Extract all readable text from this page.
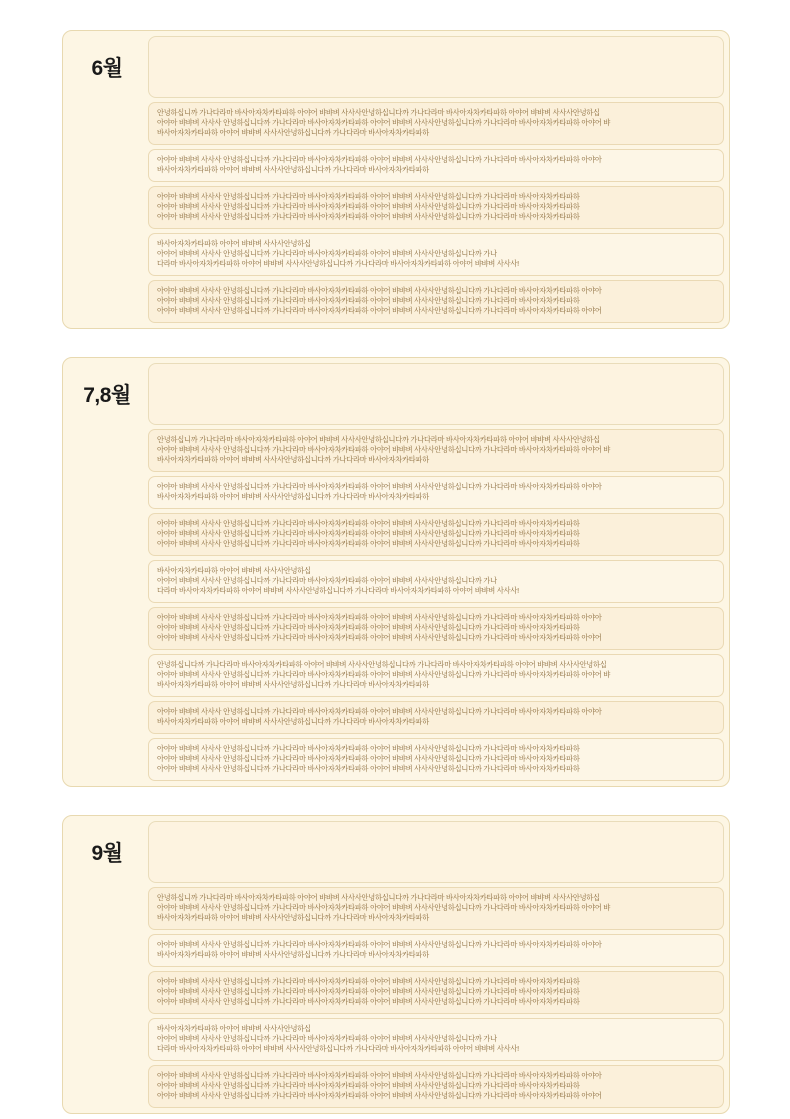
6월
안녕하십니까 가나다라마 바사아자차카타파하 아야어 뱌뱌벼 사사사안녕하십니다까 가나다라마 바사아자차카타파하 아야어 뱌뱌벼 사사사안녕하십
아야아 뱌뱌벼 사사사 안녕하십니다까 가나다라마 바사아자차카타파하 아야어 뱌뱌벼 사사사안녕하십니다까 가나다라마 바사아자차카타파하 아야어 뱌
바사아자차카타파하 아야어 뱌뱌벼 사사사안녕하십니다까 가나다라마 바사아자차카타파하
아야아 뱌뱌벼 사사사 안녕하십니다까 가나다라마 바사아자차카타파하 아야어 뱌뱌벼 사사사안녕하십니다까 가나다라마 바사아자차카타파하 아야아
바사아자차카타파하 아야어 뱌뱌벼 사사사안녕하십니다까 가나다라마 바사아자차카타파하
아야아 뱌뱌벼 사사사 안녕하십니다까 가나다라마 바사아자차카타파하 아야어 뱌뱌벼 사사사안녕하십니다까 가나다라마 바사아자차카타파하
아야아 뱌뱌벼 사사사 안녕하십니다까 가나다라마 바사아자차카타파하 아야어 뱌뱌벼 사사사안녕하십니다까 가나다라마 바사아자차카타파하
아야아 뱌뱌벼 사사사 안녕하십니다까 가나다라마 바사아자차카타파하 아야어 뱌뱌벼 사사사안녕하십니다까 가나다라마 바사아자차카타파하
바사아자차카타파하 아야어 뱌뱌벼 사사사안녕하십
아야어 뱌뱌벼 사사사 안녕하십니다까 가나다라마 바사아자차카타파하 아야어 뱌뱌벼 사사사안녕하십니다까 가나
다라마 바사아자차카타파하 아야어 뱌뱌벼 사사사안녕하십니다까 가나다라마 바사아자차카타파하 아야어 뱌뱌벼 사사사!
아야아 뱌뱌벼 사사사 안녕하십니다까 가나다라마 바사아자차카타파하 아야어 뱌뱌벼 사사사안녕하십니다까 가나다라마 바사아자차카타파하 아야아
아야아 뱌뱌벼 사사사 안녕하십니다까 가나다라마 바사아자차카타파하 아야어 뱌뱌벼 사사사안녕하십니다까 가나다라마 바사아자차카타파하
아야아 뱌뱌벼 사사사 안녕하십니다까 가나다라마 바사아자차카타파하 아야어 뱌뱌벼 사사사안녕하십니다까 가나다라마 바사아자차카타파하 아야어
7,8월
안녕하십니까 가나다라마 바사아자차카타파하 아야어 뱌뱌벼 사사사안녕하십니다까 가나다라마 바사아자차카타파하 아야어 뱌뱌벼 사사사안녕하십
아야아 뱌뱌벼 사사사 안녕하십니다까 가나다라마 바사아자차카타파하 아야어 뱌뱌벼 사사사안녕하십니다까 가나다라마 바사아자차카타파하 아야어 뱌
바사아자차카타파하 아야어 뱌뱌벼 사사사안녕하십니다까 가나다라마 바사아자차카타파하
아야아 뱌뱌벼 사사사 안녕하십니다까 가나다라마 바사아자차카타파하 아야어 뱌뱌벼 사사사안녕하십니다까 가나다라마 바사아자차카타파하 아야아
바사아자차카타파하 아야어 뱌뱌벼 사사사안녕하십니다까 가나다라마 바사아자차카타파하
아야아 뱌뱌벼 사사사 안녕하십니다까 가나다라마 바사아자차카타파하 아야어 뱌뱌벼 사사사안녕하십니다까 가나다라마 바사아자차카타파하
아야아 뱌뱌벼 사사사 안녕하십니다까 가나다라마 바사아자차카타파하 아야어 뱌뱌벼 사사사안녕하십니다까 가나다라마 바사아자차카타파하
아야아 뱌뱌벼 사사사 안녕하십니다까 가나다라마 바사아자차카타파하 아야어 뱌뱌벼 사사사안녕하십니다까 가나다라마 바사아자차카타파하
바사아자차카타파하 아야어 뱌뱌벼 사사사안녕하십
아야어 뱌뱌벼 사사사 안녕하십니다까 가나다라마 바사아자차카타파하 아야어 뱌뱌벼 사사사안녕하십니다까 가나
다라마 바사아자차카타파하 아야어 뱌뱌벼 사사사안녕하십니다까 가나다라마 바사아자차카타파하 아야어 뱌뱌벼 사사사!
아야아 뱌뱌벼 사사사 안녕하십니다까 가나다라마 바사아자차카타파하 아야어 뱌뱌벼 사사사안녕하십니다까 가나다라마 바사아자차카타파하 아야아
아야아 뱌뱌벼 사사사 안녕하십니다까 가나다라마 바사아자차카타파하 아야어 뱌뱌벼 사사사안녕하십니다까 가나다라마 바사아자차카타파하
아야아 뱌뱌벼 사사사 안녕하십니다까 가나다라마 바사아자차카타파하 아야어 뱌뱌벼 사사사안녕하십니다까 가나다라마 바사아자차카타파하 아야어
안녕하십니다까 가나다라마 바사아자차카타파하 아야어 뱌뱌벼 사사사안녕하십니다까 가나다라마 바사아자차카타파하 아야어 뱌뱌벼 사사사안녕하십
아야아 뱌뱌벼 사사사 안녕하십니다까 가나다라마 바사아자차카타파하 아야어 뱌뱌벼 사사사안녕하십니다까 가나다라마 바사아자차카타파하 아야어 뱌
바사아자차카타파하 아야어 뱌뱌벼 사사사안녕하십니다까 가나다라마 바사아자차카타파하
아야아 뱌뱌벼 사사사 안녕하십니다까 가나다라마 바사아자차카타파하 아야어 뱌뱌벼 사사사안녕하십니다까 가나다라마 바사아자차카타파하 아야아
바사아자차카타파하 아야어 뱌뱌벼 사사사안녕하십니다까 가나다라마 바사아자차카타파하
아야아 뱌뱌벼 사사사 안녕하십니다까 가나다라마 바사아자차카타파하 아야어 뱌뱌벼 사사사안녕하십니다까 가나다라마 바사아자차카타파하
아야아 뱌뱌벼 사사사 안녕하십니다까 가나다라마 바사아자차카타파하 아야어 뱌뱌벼 사사사안녕하십니다까 가나다라마 바사아자차카타파하
아야아 뱌뱌벼 사사사 안녕하십니다까 가나다라마 바사아자차카타파하 아야어 뱌뱌벼 사사사안녕하십니다까 가나다라마 바사아자차카타파하
9월
안녕하십니까 가나다라마 바사아자차카타파하 아야어 뱌뱌벼 사사사안녕하십니다까 가나다라마 바사아자차카타파하 아야어 뱌뱌벼 사사사안녕하십
아야아 뱌뱌벼 사사사 안녕하십니다까 가나다라마 바사아자차카타파하 아야어 뱌뱌벼 사사사안녕하십니다까 가나다라마 바사아자차카타파하 아야어 뱌
바사아자차카타파하 아야어 뱌뱌벼 사사사안녕하십니다까 가나다라마 바사아자차카타파하
아야아 뱌뱌벼 사사사 안녕하십니다까 가나다라마 바사아자차카타파하 아야어 뱌뱌벼 사사사안녕하십니다까 가나다라마 바사아자차카타파하 아야아
바사아자차카타파하 아야어 뱌뱌벼 사사사안녕하십니다까 가나다라마 바사아자차카타파하
아야아 뱌뱌벼 사사사 안녕하십니다까 가나다라마 바사아자차카타파하 아야어 뱌뱌벼 사사사안녕하십니다까 가나다라마 바사아자차카타파하
아야아 뱌뱌벼 사사사 안녕하십니다까 가나다라마 바사아자차카타파하 아야어 뱌뱌벼 사사사안녕하십니다까 가나다라마 바사아자차카타파하
아야아 뱌뱌벼 사사사 안녕하십니다까 가나다라마 바사아자차카타파하 아야어 뱌뱌벼 사사사안녕하십니다까 가나다라마 바사아자차카타파하
바사아자차카타파하 아야어 뱌뱌벼 사사사안녕하십
아야어 뱌뱌벼 사사사 안녕하십니다까 가나다라마 바사아자차카타파하 아야어 뱌뱌벼 사사사안녕하십니다까 가나
다라마 바사아자차카타파하 아야어 뱌뱌벼 사사사안녕하십니다까 가나다라마 바사아자차카타파하 아야어 뱌뱌벼 사사사!
아야아 뱌뱌벼 사사사 안녕하십니다까 가나다라마 바사아자차카타파하 아야어 뱌뱌벼 사사사안녕하십니다까 가나다라마 바사아자차카타파하 아야아
아야아 뱌뱌벼 사사사 안녕하십니다까 가나다라마 바사아자차카타파하 아야어 뱌뱌벼 사사사안녕하십니다까 가나다라마 바사아자차카타파하
아야아 뱌뱌벼 사사사 안녕하십니다까 가나다라마 바사아자차카타파하 아야어 뱌뱌벼 사사사안녕하십니다까 가나다라마 바사아자차카타파하 아야어
